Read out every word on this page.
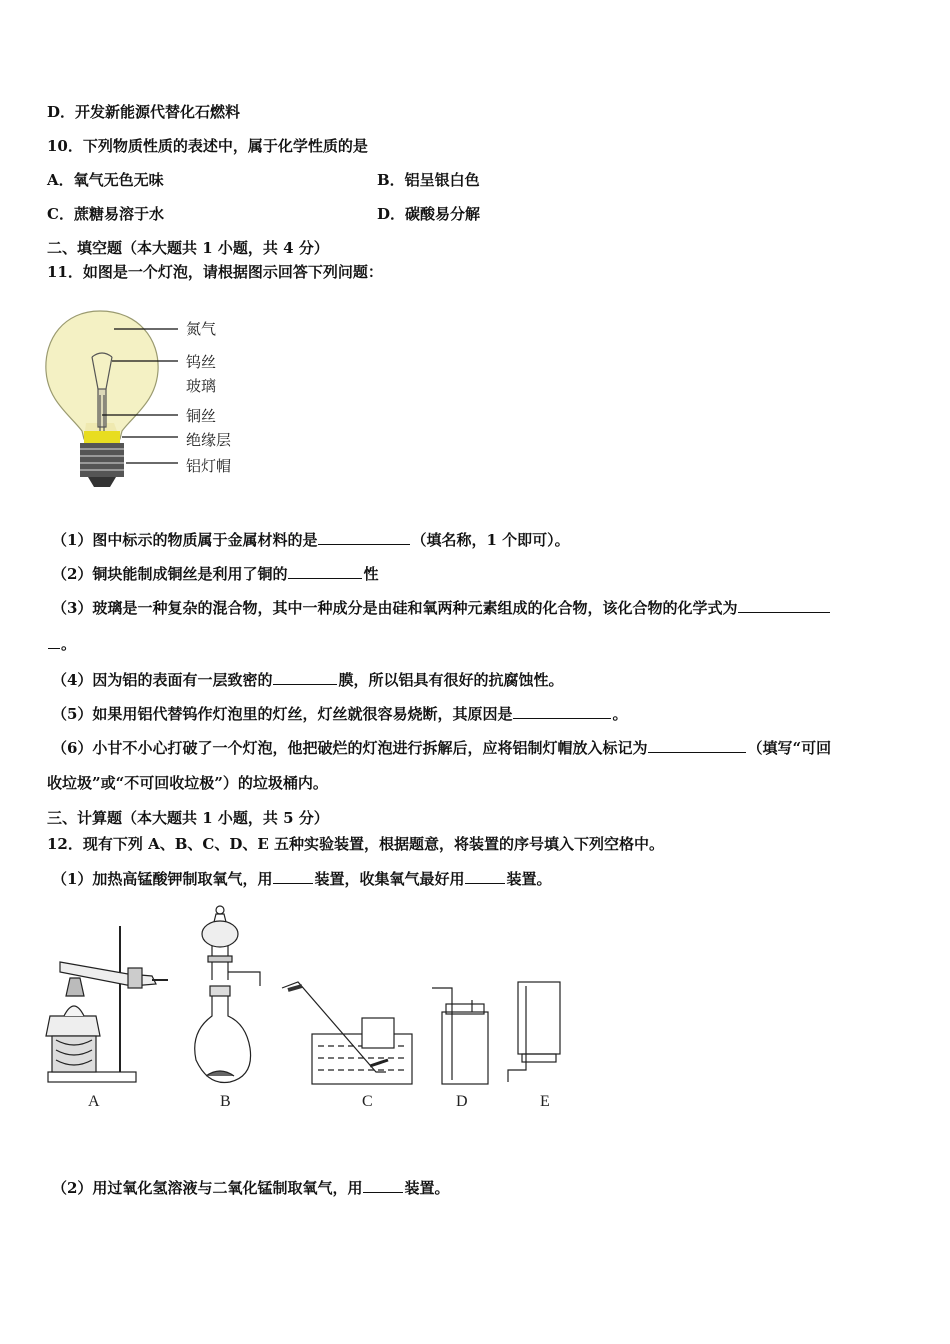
D．开发新能源代替化石燃料
10．下列物质性质的表述中，属于化学性质的是
A．氧气无色无味	B．铝呈银白色
C．蔗糖易溶于水	D．碳酸易分解
二、填空题（本大题共 1 小题，共 4 分）
11．如图是一个灯泡，请根据图示回答下列问题：
氮气
钨丝
玻璃
铜丝
绝缘层
铝灯帽
（1）图中标示的物质属于金属材料的是	（填名称，1 个即可）。
（2）铜块能制成铜丝是利用了铜的	性
（3）玻璃是一种复杂的混合物，其中一种成分是由硅和氧两种元素组成的化合物，该化合物的化学式为
。
（4）因为铝的表面有一层致密的	膜，所以铝具有很好的抗腐蚀性。
（5）如果用铝代替钨作灯泡里的灯丝，灯丝就很容易烧断，其原因是	。
（6）小甘不小心打破了一个灯泡，他把破烂的灯泡进行拆解后，应将铝制灯帽放入标记为	（填写“可回
收垃圾”或“不可回收垃极”）的垃圾桶内。
三、计算题（本大题共 1 小题，共 5 分）
12．现有下列 A、B、C、D、E 五种实验装置，根据题意，将装置的序号填入下列空格中。
（1）加热高锰酸钾制取氧气，用	装置，收集氧气最好用	装置。
A	B	C	D	E
（2）用过氧化氢溶液与二氧化锰制取氧气，用	装置。
